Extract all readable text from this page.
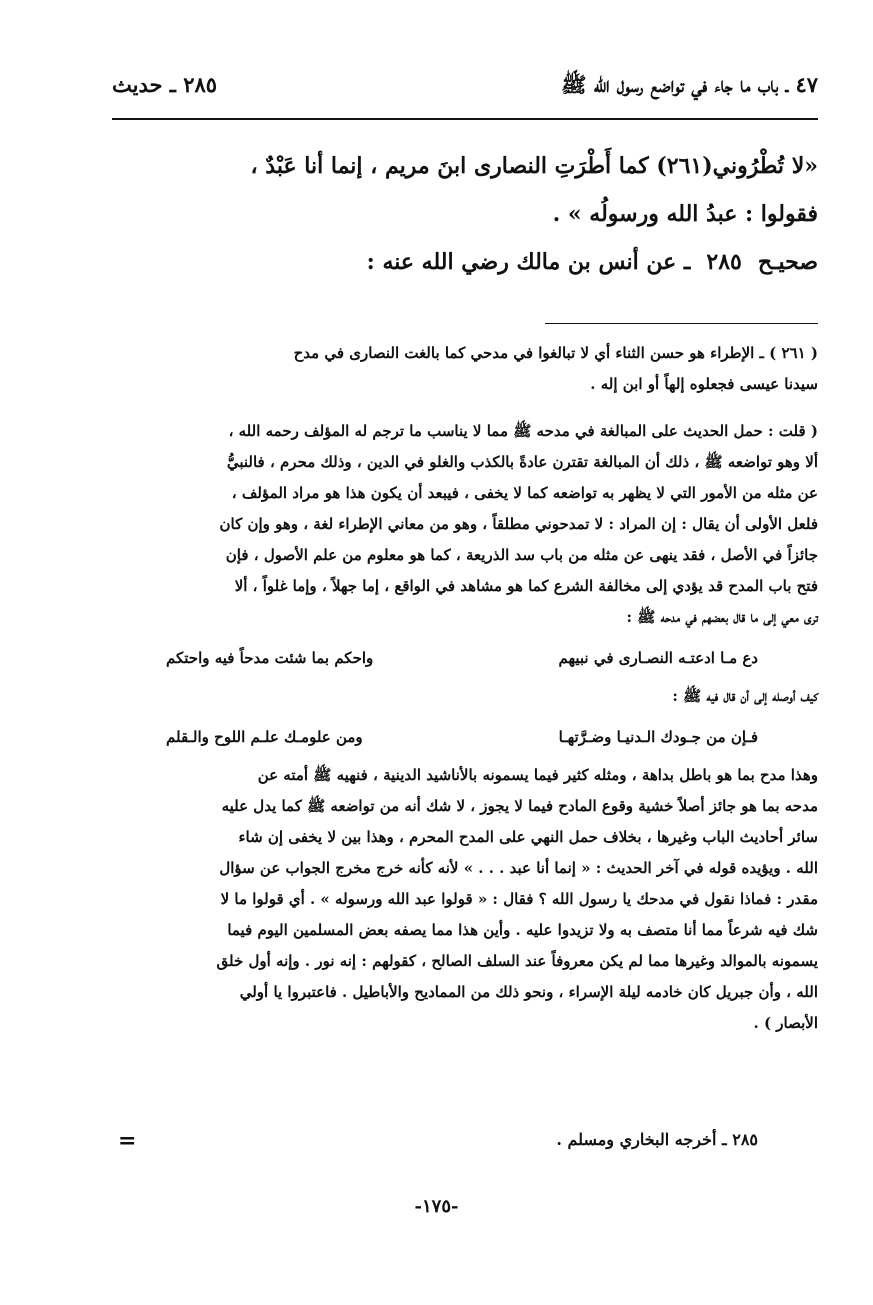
٤٧ ـ باب ما جاء في تواضع رسول الله ﷺ
٢٨٥ ـ حديث
«لا تُطْرُوني(٢٦١) كما أَطْرَتِ النصارى ابنَ مريم ، إنما أنا عَبْدٌ ،
فقولوا : عبدُ الله ورسولُه » .
صحيـح٢٨٥ـ عن أنس بن مالك رضي الله عنه :

( ٢٦١ ) ـ الإطراء هو حسن الثناء أي لا تبالغوا في مدحي كما بالغت النصارى في مدح

سيدنا عيسى فجعلوه إلهاً أو ابن إله .

( قلت : حمل الحديث على المبالغة في مدحه ﷺ مما لا يناسب ما ترجم له المؤلف رحمه الله ،

ألا وهو تواضعه ﷺ ، ذلك أن المبالغة تقترن عادةً بالكذب والغلو في الدين ، وذلك محرم ، فالنبيُّ

عن مثله من الأمور التي لا يظهر به تواضعه كما لا يخفى ، فيبعد أن يكون هذا هو مراد المؤلف ،

فلعل الأولى أن يقال : إن المراد : لا تمدحوني مطلقاً ، وهو من معاني الإطراء لغة ، وهو وإن كان

جائزاً في الأصل ، فقد ينهى عن مثله من باب سد الذريعة ، كما هو معلوم من علم الأصول ، فإن

فتح باب المدح قد يؤدي إلى مخالفة الشرع كما هو مشاهد في الواقع ، إما جهلاً ، وإما غلواً ، ألا

ترى معي إلى ما قال بعضهم في مدحه ﷺ :

دع مـا ادعتـه النصـارى في نبيهم
واحكم بما شئت مدحاً فيه واحتكم

كيف أوصله إلى أن قال فيه ﷺ :

فـإن من جـودك الـدنيـا وضـرَّتهـا
ومن علومـك علـم اللوح والـقلم

وهذا مدح بما هو باطل بداهة ، ومثله كثير فيما يسمونه بالأناشيد الدينية ، فنهيه ﷺ أمته عن

مدحه بما هو جائز أصلاً خشية وقوع المادح فيما لا يجوز ، لا شك أنه من تواضعه ﷺ كما يدل عليه

سائر أحاديث الباب وغيرها ، بخلاف حمل النهي على المدح المحرم ، وهذا بين لا يخفى إن شاء

الله . ويؤيده قوله في آخر الحديث : « إنما أنا عبد . . . » لأنه كأنه خرج مخرج الجواب عن سؤال

مقدر : فماذا نقول في مدحك يا رسول الله ؟ فقال : « قولوا عبد الله ورسوله » . أي قولوا ما لا

شك فيه شرعاً مما أنا متصف به ولا تزيدوا عليه . وأين هذا مما يصفه بعض المسلمين اليوم فيما

يسمونه بالموالد وغيرها مما لم يكن معروفاً عند السلف الصالح ، كقولهم : إنه نور . وإنه أول خلق

الله ، وأن جبريل كان خادمه ليلة الإسراء ، ونحو ذلك من المماديح والأباطيل . فاعتبروا يا أولي

الأبصار ) .

٢٨٥ ـ أخرجه البخاري ومسلم .
=
-١٧٥-
